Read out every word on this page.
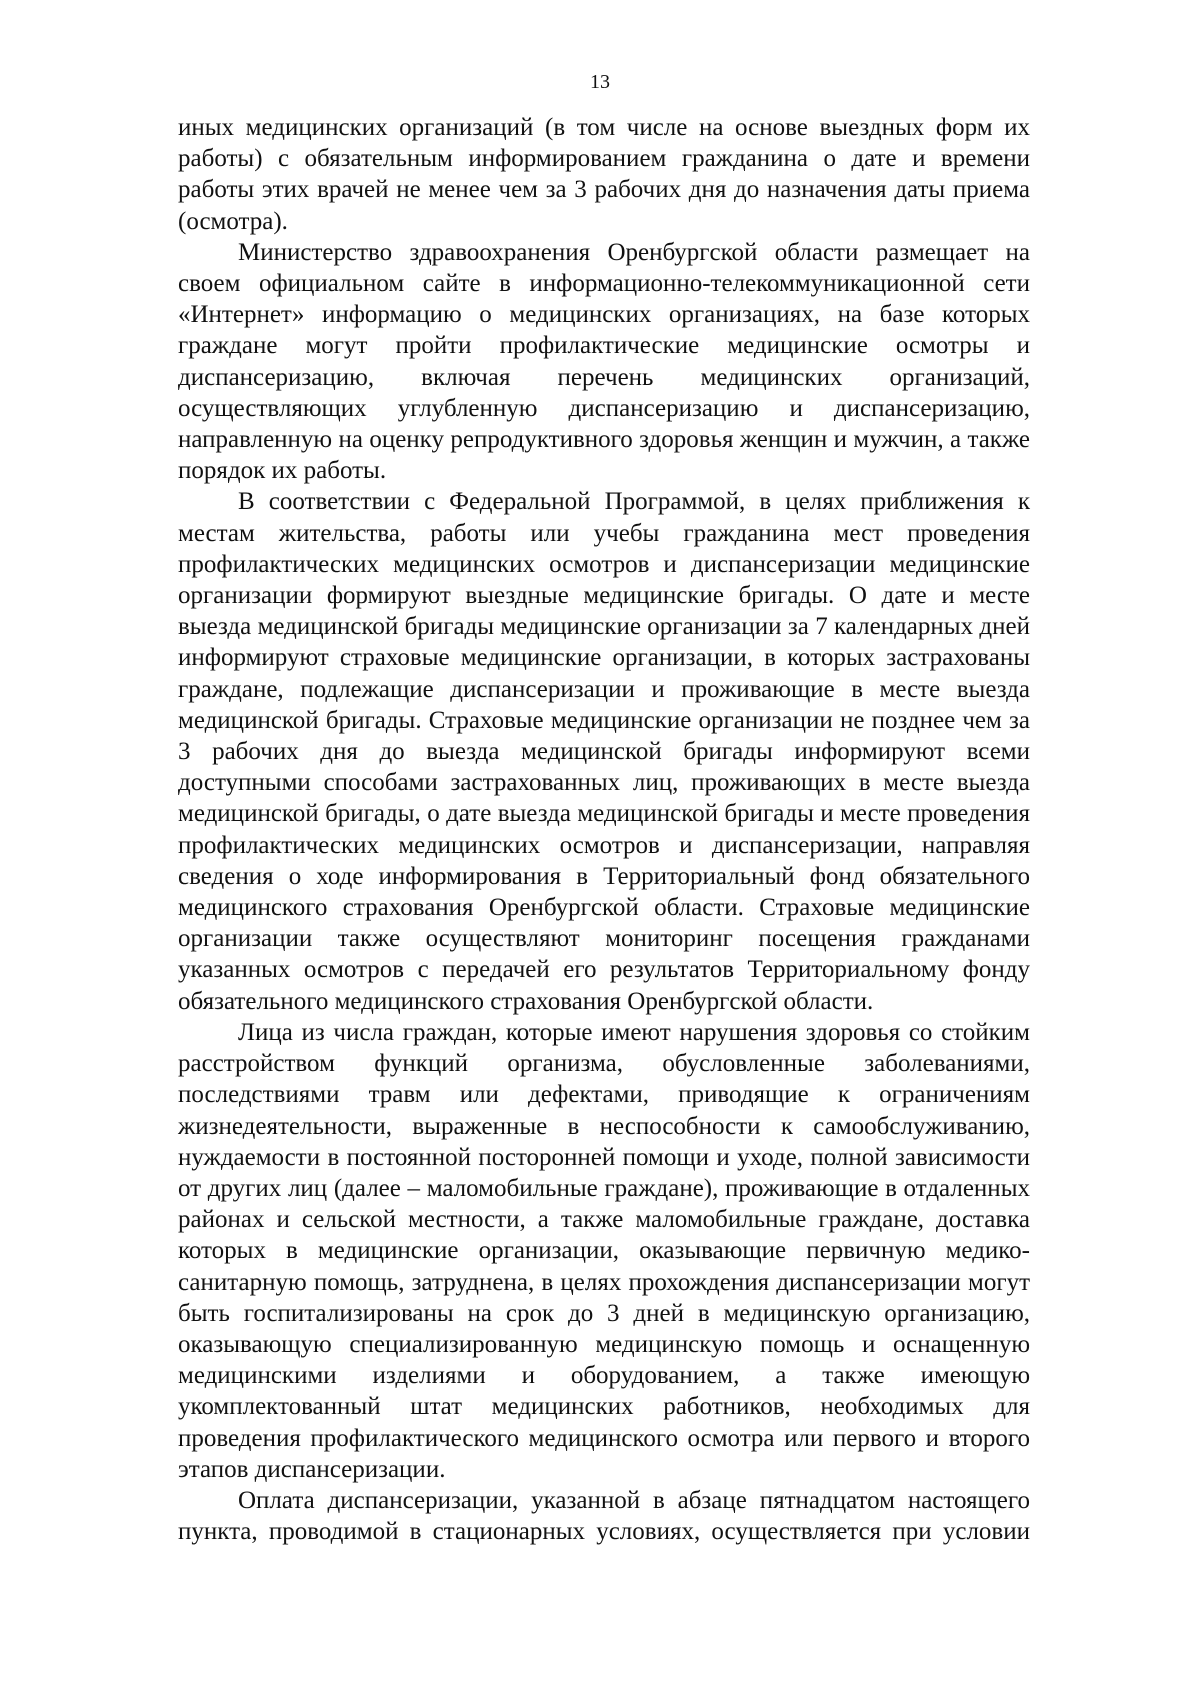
13

иных медицинских организаций (в том числе на основе выездных форм их работы) с обязательным информированием гражданина о дате и времени работы этих врачей не менее чем за 3 рабочих дня до назначения даты приема (осмотра).

Министерство здравоохранения Оренбургской области размещает на своем официальном сайте в информационно-телекоммуникационной сети «Интернет» информацию о медицинских организациях, на базе которых граждане могут пройти профилактические медицинские осмотры и диспансеризацию, включая перечень медицинских организаций, осуществляющих углубленную диспансеризацию и диспансеризацию, направленную на оценку репродуктивного здоровья женщин и мужчин, а также порядок их работы.

В соответствии с Федеральной Программой, в целях приближения к местам жительства, работы или учебы гражданина мест проведения профилактических медицинских осмотров и диспансеризации медицинские организации формируют выездные медицинские бригады. О дате и месте выезда медицинской бригады медицинские организации за 7 календарных дней информируют страховые медицинские организации, в которых застрахованы граждане, подлежащие диспансеризации и проживающие в месте выезда медицинской бригады. Страховые медицинские организации не позднее чем за 3 рабочих дня до выезда медицинской бригады информируют всеми доступными способами застрахованных лиц, проживающих в месте выезда медицинской бригады, о дате выезда медицинской бригады и месте проведения профилактических медицинских осмотров и диспансеризации, направляя сведения о ходе информирования в Территориальный фонд обязательного медицинского страхования Оренбургской области. Страховые медицинские организации также осуществляют мониторинг посещения гражданами указанных осмотров с передачей его результатов Территориальному фонду обязательного медицинского страхования Оренбургской области.

Лица из числа граждан, которые имеют нарушения здоровья со стойким расстройством функций организма, обусловленные заболеваниями, последствиями травм или дефектами, приводящие к ограничениям жизнедеятельности, выраженные в неспособности к самообслуживанию, нуждаемости в постоянной посторонней помощи и уходе, полной зависимости от других лиц (далее – маломобильные граждане), проживающие в отдаленных районах и сельской местности, а также маломобильные граждане, доставка которых в медицинские организации, оказывающие первичную медико-санитарную помощь, затруднена, в целях прохождения диспансеризации могут быть госпитализированы на срок до 3 дней в медицинскую организацию, оказывающую специализированную медицинскую помощь и оснащенную медицинскими изделиями и оборудованием, а также имеющую укомплектованный штат медицинских работников, необходимых для проведения профилактического медицинского осмотра или первого и второго этапов диспансеризации.

Оплата диспансеризации, указанной в абзаце пятнадцатом настоящего пункта, проводимой в стационарных условиях, осуществляется при условии
